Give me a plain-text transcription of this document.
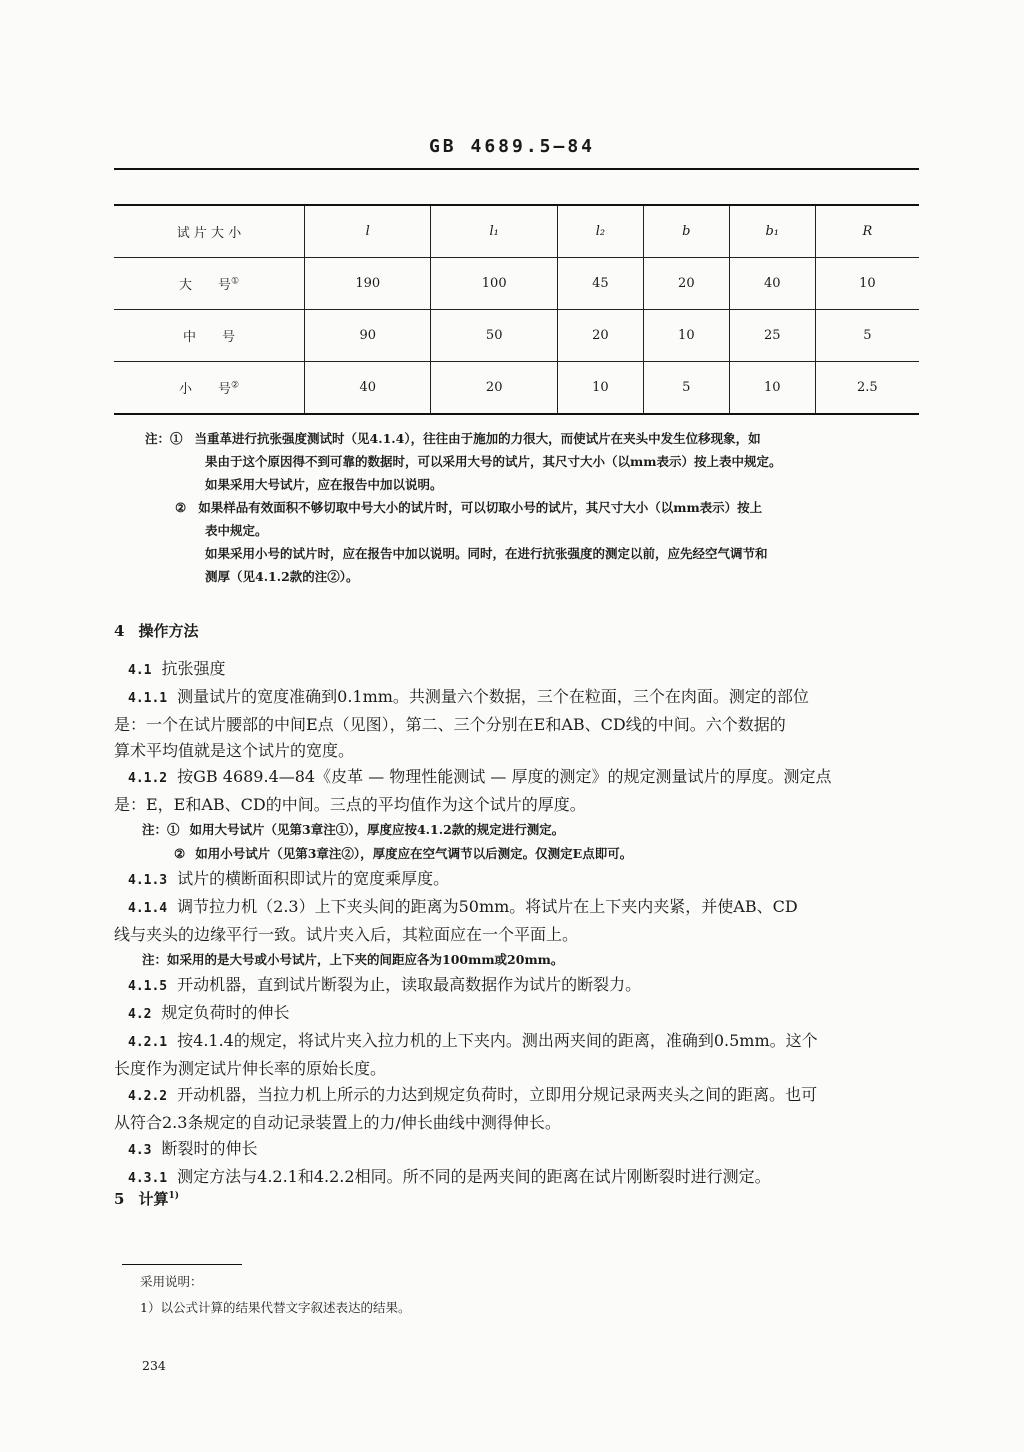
GB 4689.5—84
试 片 大 小	l	l₁	l₂	b	b₁	R
大　　号①	190	100	45	20	40	10
中　　号	90	50	20	10	25	5
小　　号②	40	20	10	5	10	2.5
注：① 当重革进行抗张强度测试时（见4.1.4），往往由于施加的力很大，而使试片在夹头中发生位移现象，如
果由于这个原因得不到可靠的数据时，可以采用大号的试片，其尺寸大小（以mm表示）按上表中规定。
如果采用大号试片，应在报告中加以说明。
② 如果样品有效面积不够切取中号大小的试片时，可以切取小号的试片，其尺寸大小（以mm表示）按上
表中规定。
如果采用小号的试片时，应在报告中加以说明。同时，在进行抗张强度的测定以前，应先经空气调节和
测厚（见4.1.2款的注②）。
4 操作方法
4.1 抗张强度
4.1.1 测量试片的宽度准确到0.1mm。共测量六个数据，三个在粒面，三个在肉面。测定的部位
是：一个在试片腰部的中间E点（见图），第二、三个分别在E和AB、CD线的中间。六个数据的
算术平均值就是这个试片的宽度。
4.1.2 按GB 4689.4—84《皮革 — 物理性能测试 — 厚度的测定》的规定测量试片的厚度。测定点
是：E，E和AB、CD的中间。三点的平均值作为这个试片的厚度。
注：① 如用大号试片（见第3章注①），厚度应按4.1.2款的规定进行测定。
② 如用小号试片（见第3章注②），厚度应在空气调节以后测定。仅测定E点即可。
4.1.3 试片的横断面积即试片的宽度乘厚度。
4.1.4 调节拉力机（2.3）上下夹头间的距离为50mm。将试片在上下夹内夹紧，并使AB、CD
线与夹头的边缘平行一致。试片夹入后，其粒面应在一个平面上。
注：如采用的是大号或小号试片，上下夹的间距应各为100mm或20mm。
4.1.5 开动机器，直到试片断裂为止，读取最高数据作为试片的断裂力。
4.2 规定负荷时的伸长
4.2.1 按4.1.4的规定，将试片夹入拉力机的上下夹内。测出两夹间的距离，准确到0.5mm。这个
长度作为测定试片伸长率的原始长度。
4.2.2 开动机器，当拉力机上所示的力达到规定负荷时，立即用分规记录两夹头之间的距离。也可
从符合2.3条规定的自动记录装置上的力/伸长曲线中测得伸长。
4.3 断裂时的伸长
4.3.1 测定方法与4.2.1和4.2.2相同。所不同的是两夹间的距离在试片刚断裂时进行测定。
5 计算$^{1)}$
采用说明：
1）以公式计算的结果代替文字叙述表达的结果。
234
